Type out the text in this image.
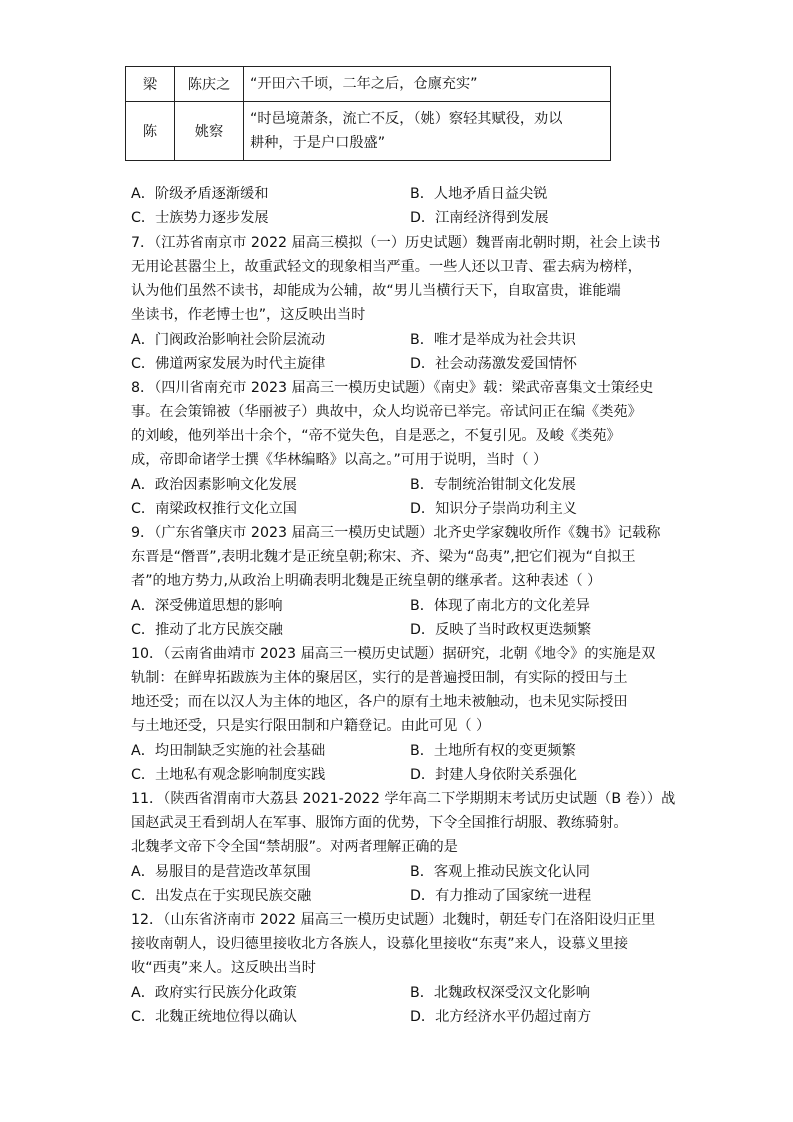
梁	陈庆之	“开田六千顷，二年之后，仓廪充实”
陈	姚察	“时邑境萧条，流亡不反，（姚）察轻其赋役，劝以
耕种，于是户口殷盛”
A．阶级矛盾逐渐缓和	B．人地矛盾日益尖锐
C．士族势力逐步发展	D．江南经济得到发展
7．（江苏省南京市 2022 届高三模拟（一）历史试题）魏晋南北朝时期，社会上读书
无用论甚嚣尘上，故重武轻文的现象相当严重。一些人还以卫青、霍去病为榜样，
认为他们虽然不读书，却能成为公辅，故“男儿当横行天下，自取富贵，谁能端
坐读书，作老博士也”，这反映出当时
A．门阀政治影响社会阶层流动	B．唯才是举成为社会共识
C．佛道两家发展为时代主旋律	D．社会动荡激发爱国情怀
8．（四川省南充市 2023 届高三一模历史试题）《南史》载：梁武帝喜集文士策经史
事。在会策锦被（华丽被子）典故中，众人均说帝已举完。帝试问正在编《类苑》
的刘峻，他列举出十余个，“帝不觉失色，自是恶之，不复引见。及峻《类苑》
成，帝即命诸学士撰《华林编略》以高之。”可用于说明，当时（ ）
A．政治因素影响文化发展	B．专制统治钳制文化发展
C．南梁政权推行文化立国	D．知识分子崇尚功利主义
9．（广东省肇庆市 2023 届高三一模历史试题）北齐史学家魏收所作《魏书》记载称
东晋是“僭晋”,表明北魏才是正统皇朝;称宋、齐、梁为“岛夷”,把它们视为“自拟王
者”的地方势力,从政治上明确表明北魏是正统皇朝的继承者。这种表述（ ）
A．深受佛道思想的影响	B．体现了南北方的文化差异
C．推动了北方民族交融	D．反映了当时政权更迭频繁
10．（云南省曲靖市 2023 届高三一模历史试题）据研究，北朝《地令》的实施是双
轨制：在鲜卑拓跋族为主体的聚居区，实行的是普遍授田制，有实际的授田与土
地还受；而在以汉人为主体的地区，各户的原有土地未被触动，也未见实际授田
与土地还受，只是实行限田制和户籍登记。由此可见（ ）
A．均田制缺乏实施的社会基础	B．土地所有权的变更频繁
C．土地私有观念影响制度实践	D．封建人身依附关系强化
11．（陕西省渭南市大荔县 2021-2022 学年高二下学期期末考试历史试题（B 卷））战
国赵武灵王看到胡人在军事、服饰方面的优势，下令全国推行胡服、教练骑射。
北魏孝文帝下令全国“禁胡服”。对两者理解正确的是
A．易服目的是营造改革氛围	B．客观上推动民族文化认同
C．出发点在于实现民族交融	D．有力推动了国家统一进程
12．（山东省济南市 2022 届高三一模历史试题）北魏时，朝廷专门在洛阳设归正里
接收南朝人，设归德里接收北方各族人，设慕化里接收“东夷”来人，设慕义里接
收“西夷”来人。这反映出当时
A．政府实行民族分化政策	B．北魏政权深受汉文化影响
C．北魏正统地位得以确认	D．北方经济水平仍超过南方
